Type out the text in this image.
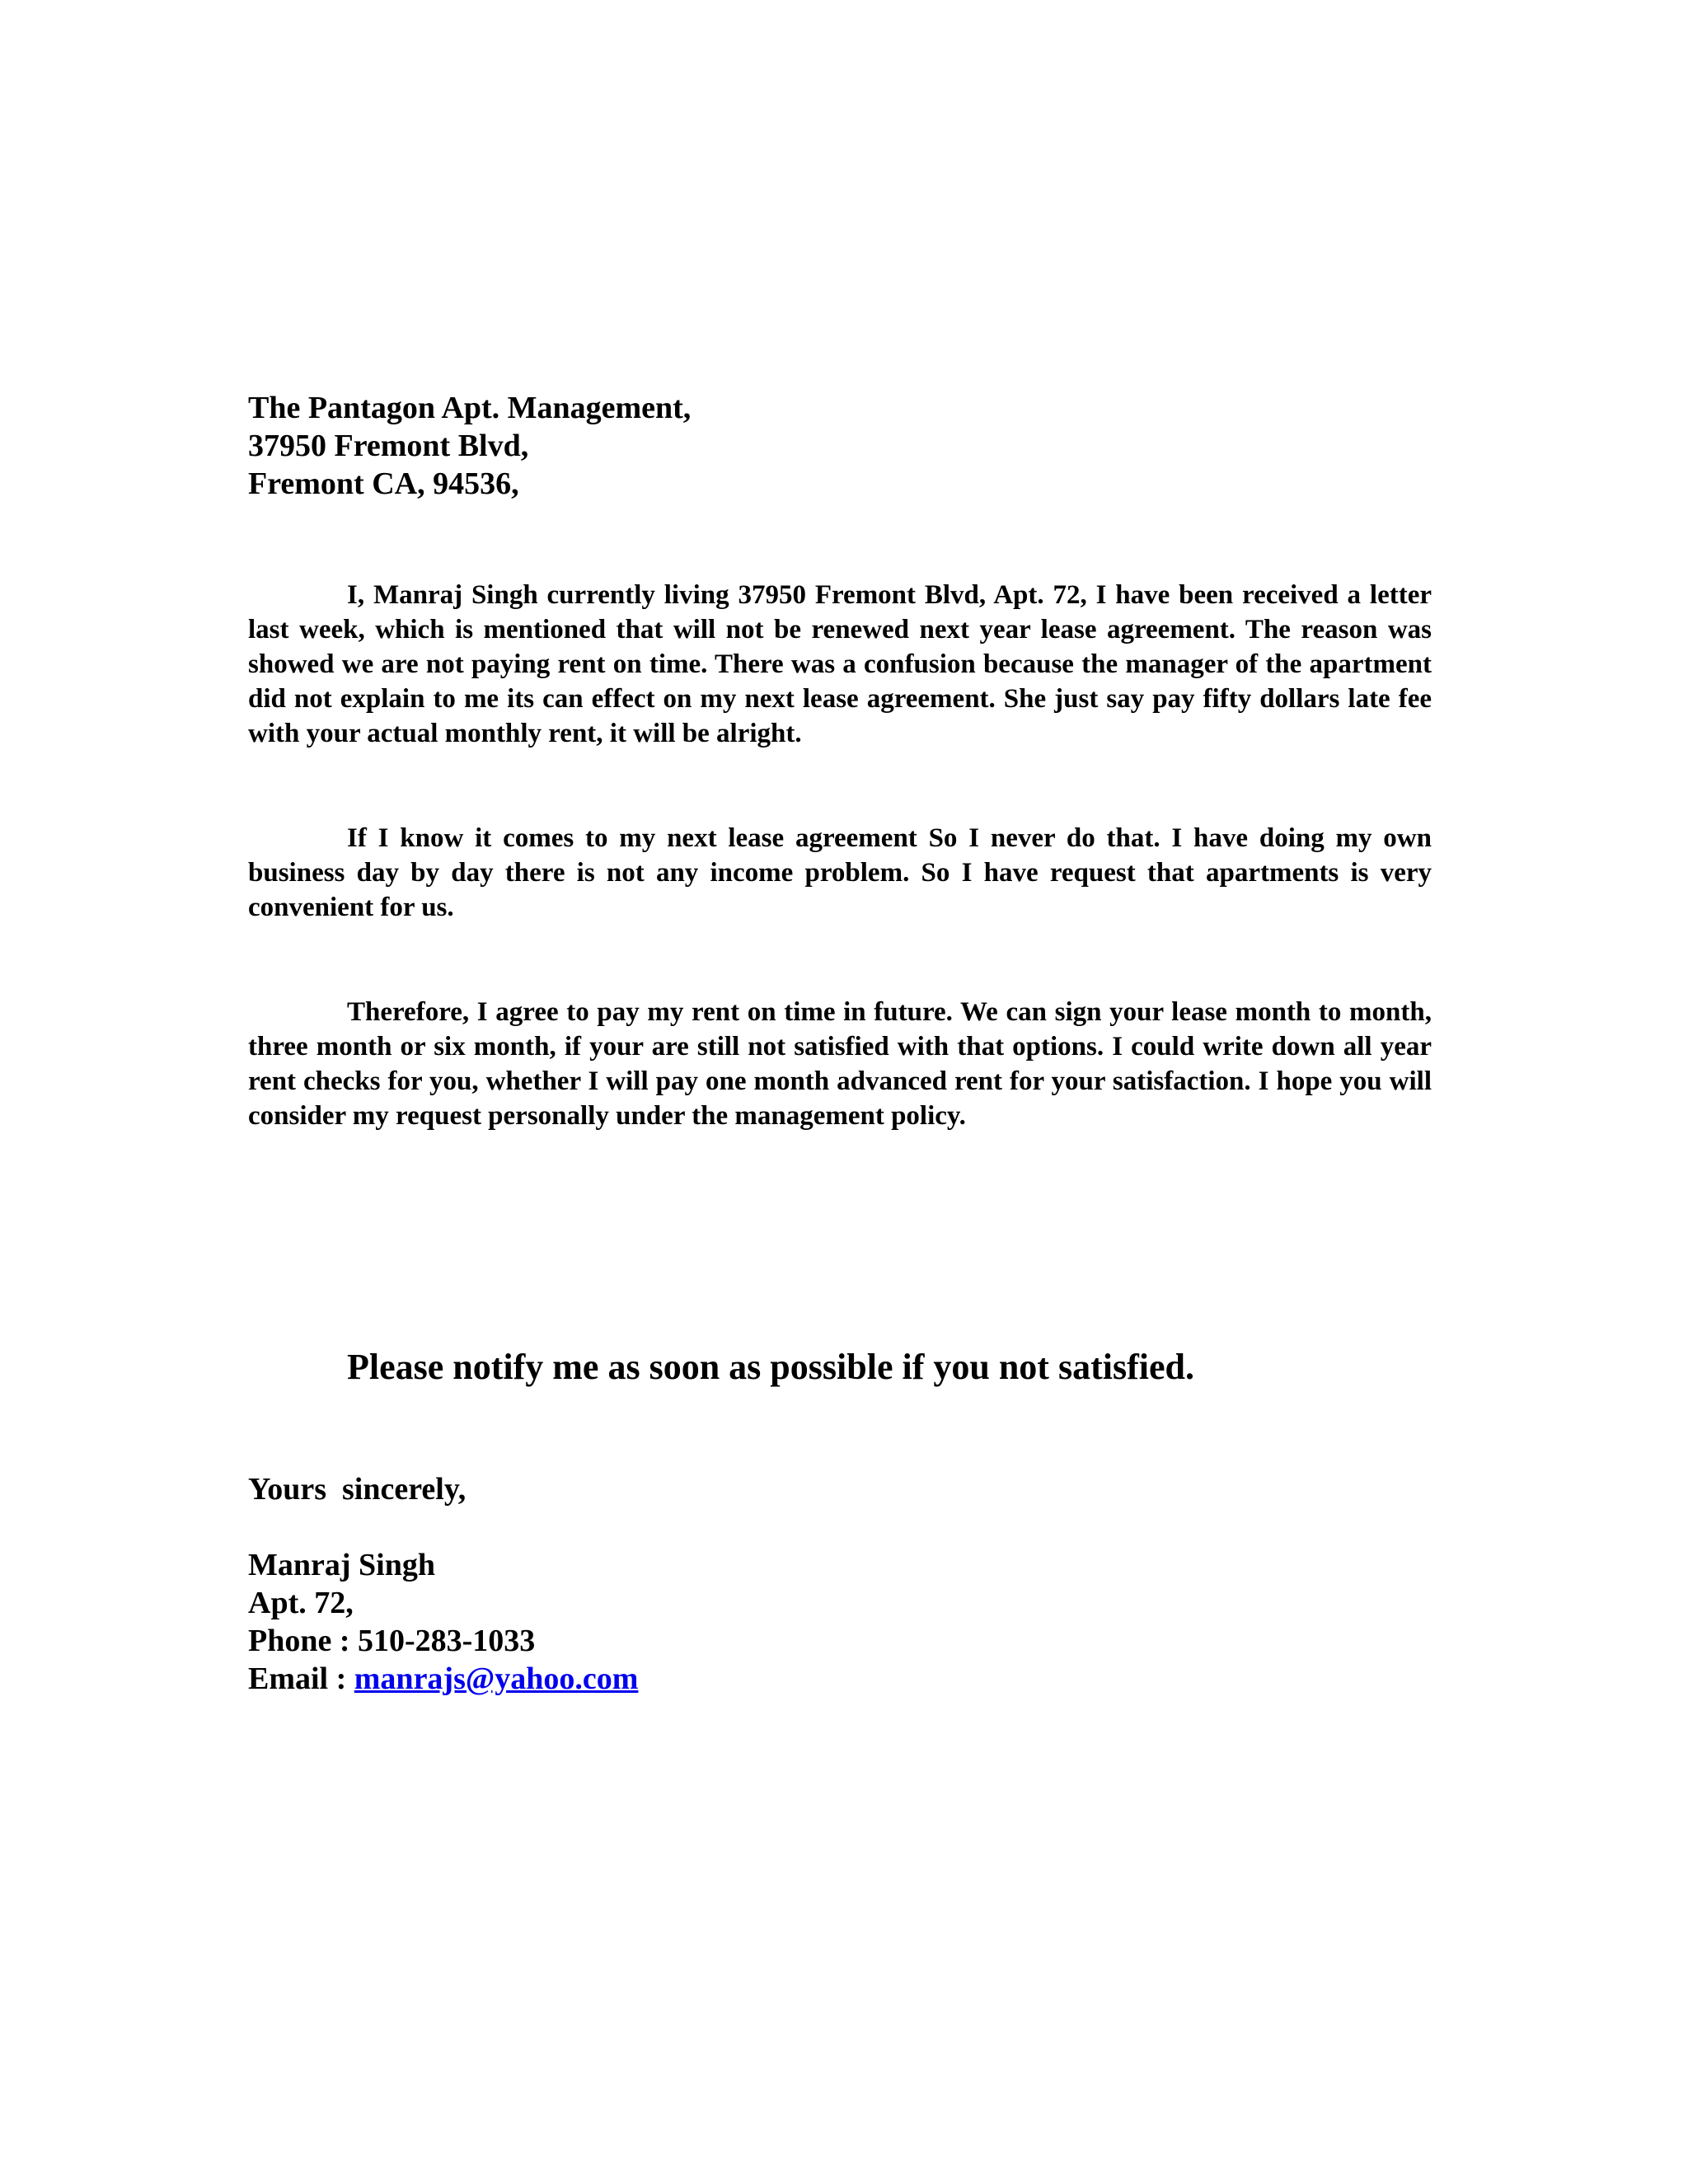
The Pantagon Apt. Management,
37950 Fremont Blvd,
Fremont CA, 94536,

I, Manraj Singh currently living 37950 Fremont Blvd, Apt. 72, I have been received a letter last week, which is mentioned that will not be renewed next year lease agreement. The reason was showed we are not paying rent on time. There was a confusion because the manager of the apartment did not explain to me its can effect on my next lease agreement. She just say pay fifty dollars late fee with your actual monthly rent, it will be alright.

If I know it comes to my next lease agreement So I never do that. I have doing my own business day by day there is not any income problem. So I have request that apartments is very convenient for us.

Therefore, I agree to pay my rent on time in future. We can sign your lease month to month, three month or six month, if your are still not satisfied with that options. I could write down all year rent checks for you, whether I will pay one month advanced rent for your satisfaction. I hope you will consider my request personally under the management policy.

Please notify me as soon as possible if you not satisfied.
Yours  sincerely,
Manraj Singh
Apt. 72,
Phone : 510-283-1033
Email : manrajs@yahoo.com
